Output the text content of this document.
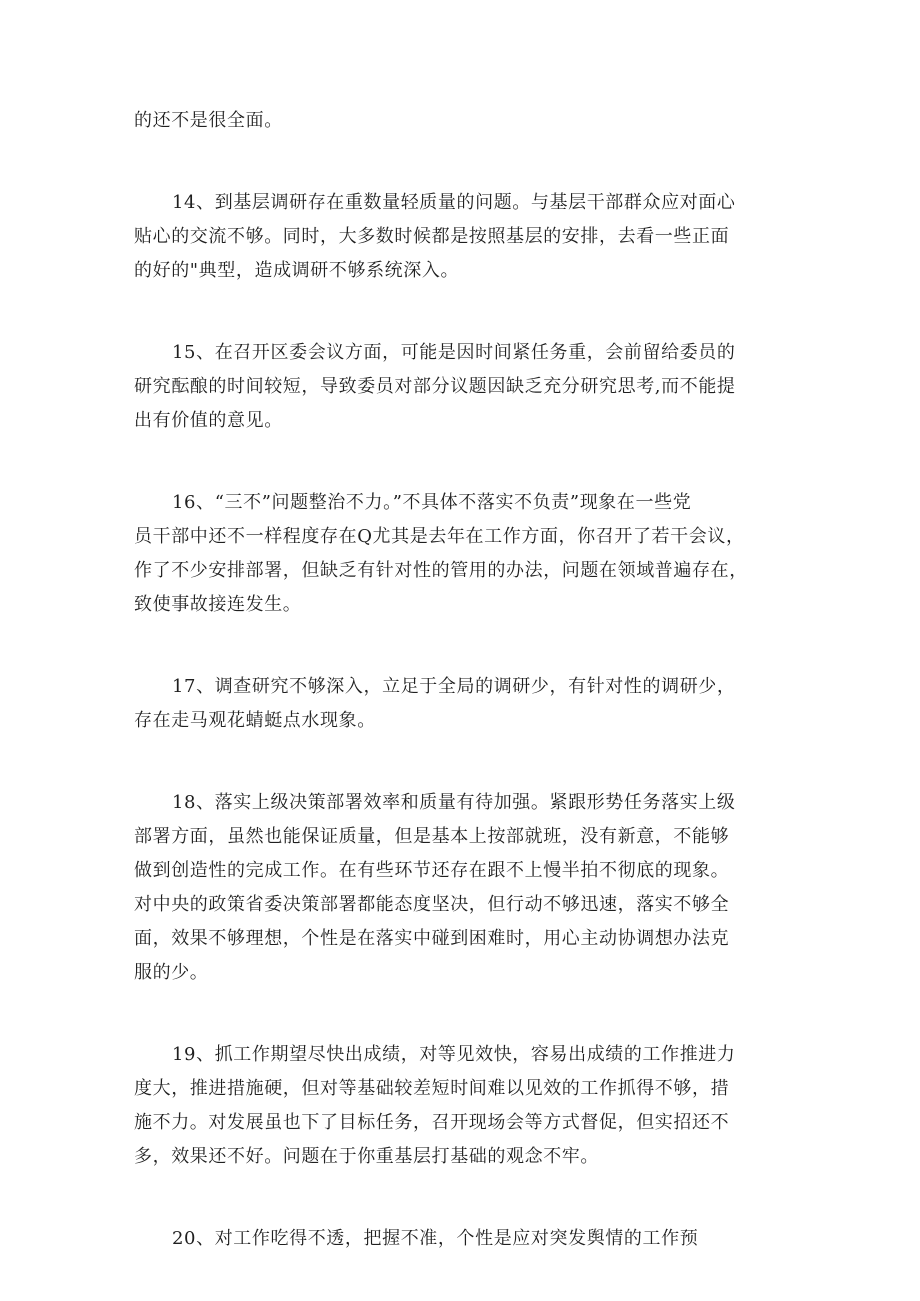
的还不是很全面。

14、到基层调研存在重数量轻质量的问题。与基层干部群众应对面心
贴心的交流不够。同时，大多数时候都是按照基层的安排，去看一些正面
的好的"典型，造成调研不够系统深入。

15、在召开区委会议方面，可能是因时间紧任务重，会前留给委员的
研究酝酿的时间较短，导致委员对部分议题因缺乏充分研究思考,而不能提
出有价值的意见。

16、“三不”问题整治不力。”不具体不落实不负责”现象在一些党
员干部中还不一样程度存在Q尤其是去年在工作方面，你召开了若干会议，
作了不少安排部署，但缺乏有针对性的管用的办法，问题在领域普遍存在，
致使事故接连发生。

17、调查研究不够深入，立足于全局的调研少，有针对性的调研少，
存在走马观花蜻蜓点水现象。

18、落实上级决策部署效率和质量有待加强。紧跟形势任务落实上级
部署方面，虽然也能保证质量，但是基本上按部就班，没有新意，不能够
做到创造性的完成工作。在有些环节还存在跟不上慢半拍不彻底的现象。
对中央的政策省委决策部署都能态度坚决，但行动不够迅速，落实不够全
面，效果不够理想，个性是在落实中碰到困难时，用心主动协调想办法克
服的少。

19、抓工作期望尽快出成绩，对等见效快，容易出成绩的工作推进力
度大，推进措施硬，但对等基础较差短时间难以见效的工作抓得不够，措
施不力。对发展虽也下了目标任务，召开现场会等方式督促，但实招还不
多，效果还不好。问题在于你重基层打基础的观念不牢。

20、对工作吃得不透，把握不准，个性是应对突发舆情的工作预
